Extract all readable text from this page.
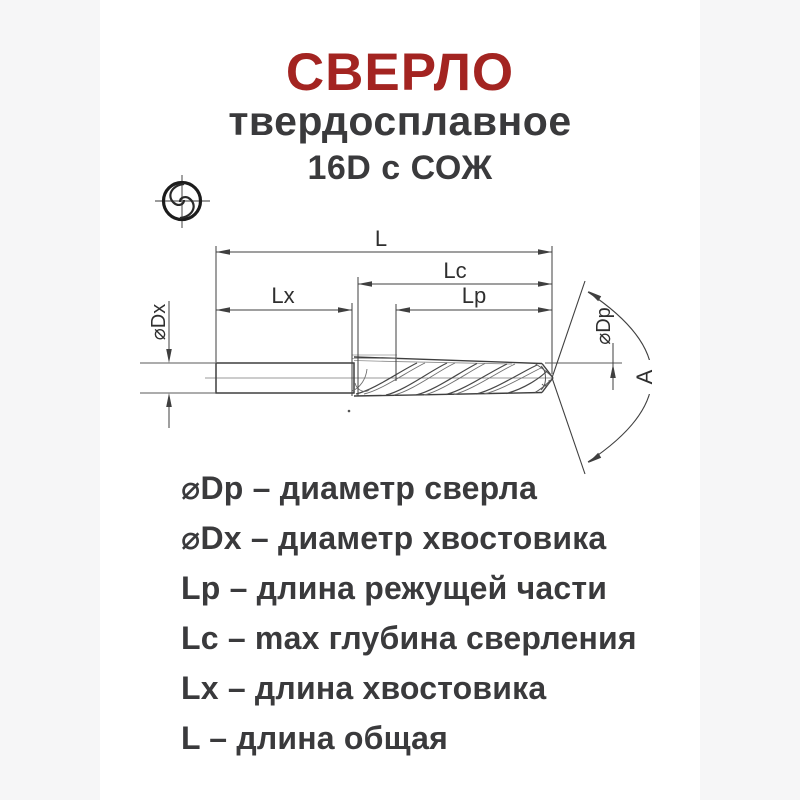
СВЕРЛО
твердосплавное
16D с СОЖ
L
Lc
Lx	Lp
⌀Dx	⌀Dp
A
⌀Dp – диаметр сверла
⌀Dx – диаметр хвостовика
Lp – длина режущей части
Lc – max глубина сверления
Lx – длина хвостовика
L – длина общая
